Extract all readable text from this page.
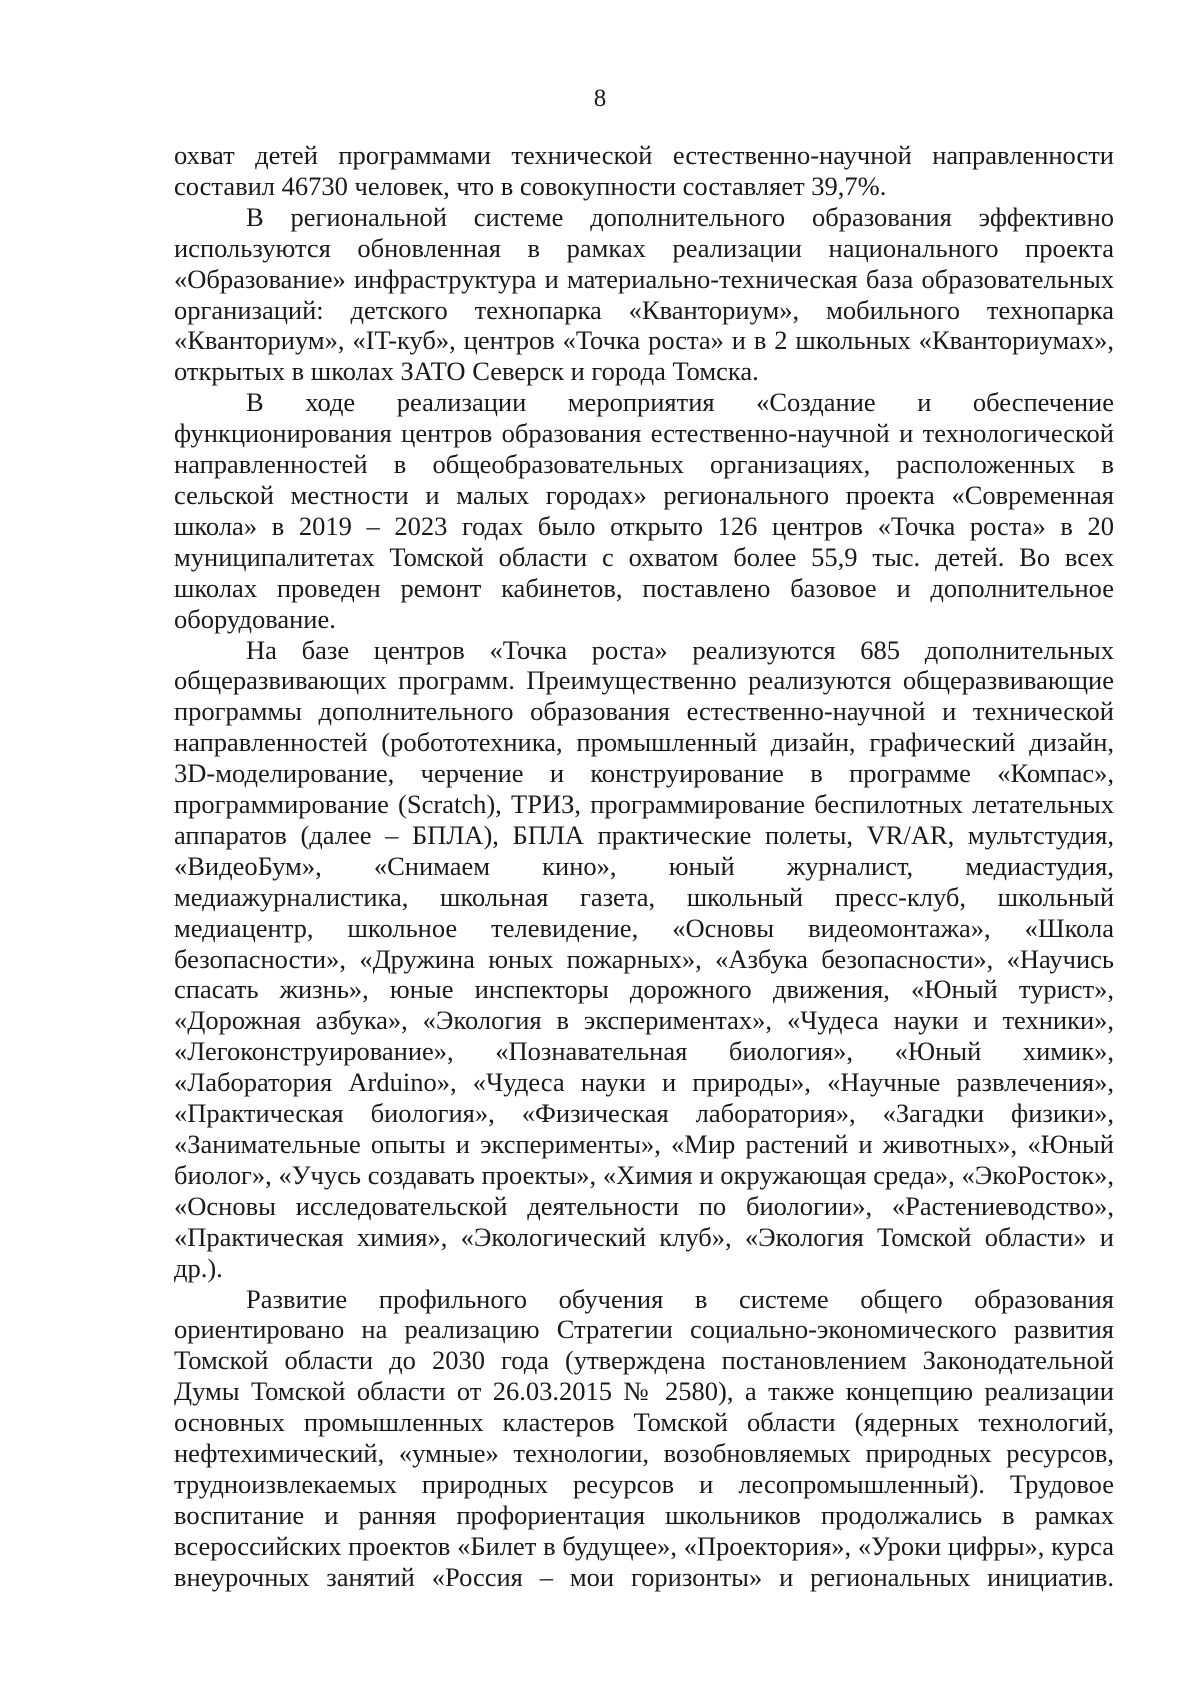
8

охват детей программами технической естественно-научной направленности составил 46730 человек, что в совокупности составляет 39,7%.

В региональной системе дополнительного образования эффективно используются обновленная в рамках реализации национального проекта «Образование» инфраструктура и материально-техническая база образовательных организаций: детского технопарка «Кванториум», мобильного технопарка «Кванториум», «IT-куб», центров «Точка роста» и в 2 школьных «Кванториумах», открытых в школах ЗАТО Северск и города Томска.

В ходе реализации мероприятия «Создание и обеспечение функционирования центров образования естественно-научной и технологической направленностей в общеобразовательных организациях, расположенных в сельской местности и малых городах» регионального проекта «Современная школа» в 2019 – 2023 годах было открыто 126 центров «Точка роста» в 20 муниципалитетах Томской области с охватом более 55,9 тыс. детей. Во всех школах проведен ремонт кабинетов, поставлено базовое и дополнительное оборудование.

На базе центров «Точка роста» реализуются 685 дополнительных общеразвивающих программ. Преимущественно реализуются общеразвивающие программы дополнительного образования естественно-научной и технической направленностей (робототехника, промышленный дизайн, графический дизайн, 3D-моделирование, черчение и конструирование в программе «Компас», программирование (Scratch), ТРИЗ, программирование беспилотных летательных аппаратов (далее – БПЛА), БПЛА практические полеты, VR/AR, мультстудия, «ВидеоБум», «Снимаем кино», юный журналист, медиастудия, медиажурналистика, школьная газета, школьный пресс-клуб, школьный медиацентр, школьное телевидение, «Основы видеомонтажа», «Школа безопасности», «Дружина юных пожарных», «Азбука безопасности», «Научись спасать жизнь», юные инспекторы дорожного движения, «Юный турист», «Дорожная азбука», «Экология в экспериментах», «Чудеса науки и техники», «Легоконструирование», «Познавательная биология», «Юный химик», «Лаборатория Arduino», «Чудеса науки и природы», «Научные развлечения», «Практическая биология», «Физическая лаборатория», «Загадки физики», «Занимательные опыты и эксперименты», «Мир растений и животных», «Юный биолог», «Учусь создавать проекты», «Химия и окружающая среда», «ЭкоРосток», «Основы исследовательской деятельности по биологии», «Растениеводство», «Практическая химия», «Экологический клуб», «Экология Томской области» и др.).

Развитие профильного обучения в системе общего образования ориентировано на реализацию Стратегии социально-экономического развития Томской области до 2030 года (утверждена постановлением Законодательной Думы Томской области от 26.03.2015 № 2580), а также концепцию реализации основных промышленных кластеров Томской области (ядерных технологий, нефтехимический, «умные» технологии, возобновляемых природных ресурсов, трудноизвлекаемых природных ресурсов и лесопромышленный). Трудовое воспитание и ранняя профориентация школьников продолжались в рамках всероссийских проектов «Билет в будущее», «Проектория», «Уроки цифры», курса внеурочных занятий «Россия – мои горизонты» и региональных инициатив.
